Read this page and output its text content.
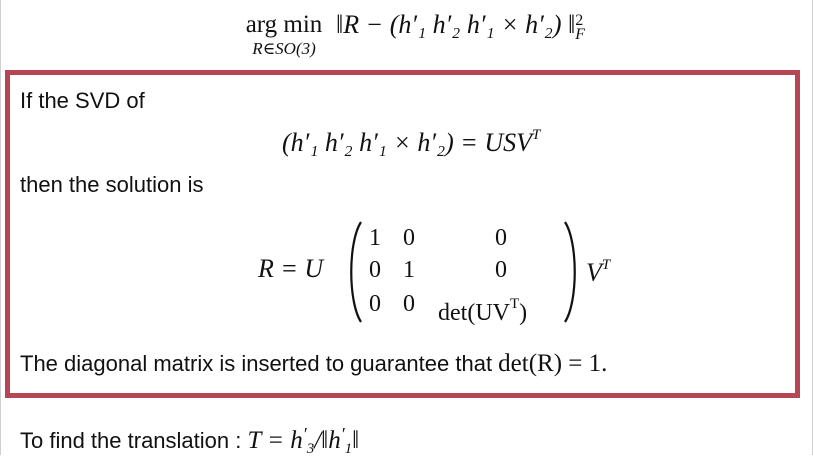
arg min
R∈SO(3)
‖R − (h′₁ h′₂ h′₁ × h′₂) ‖ 2
F
If the SVD of
(h′₁ h′₂ $h'_1 \times h'_2) = USV^T$
then the solution is
R = U
1 0	0
0 1	0
0 0 $\det(UV^T)$
$V^T$
The diagonal matrix is inserted to guarantee that det(R) = 1.
To find the translation : $T = h'_3/‖h'_1‖$
